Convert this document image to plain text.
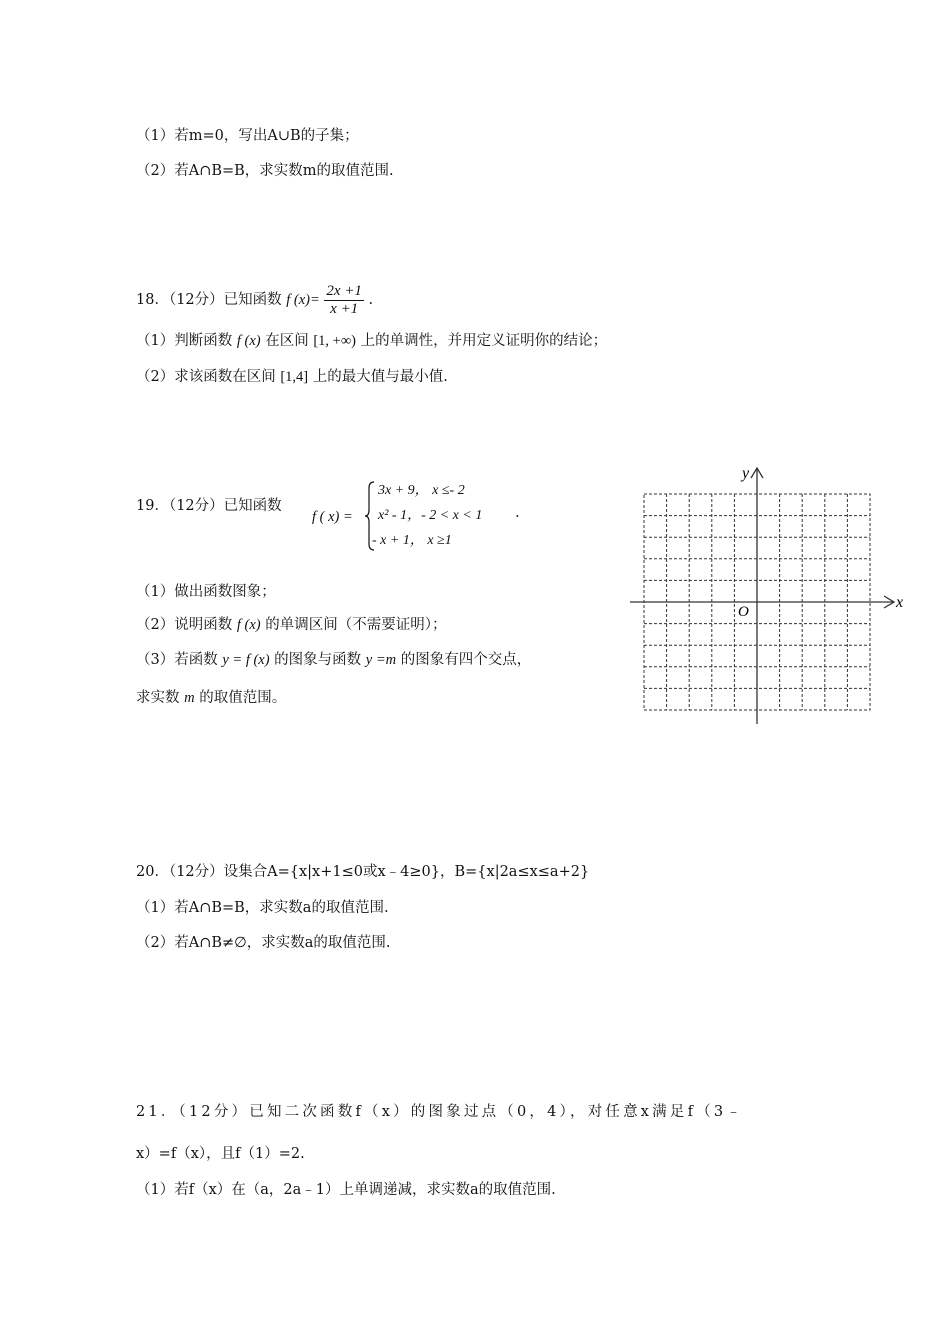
（1）若m=0，写出A∪B的子集；
（2）若A∩B=B，求实数m的取值范围.
18．（12分）已知函数 f $(x)= \frac{2x +1}{x +1}$ .
（1）判断函数 f (x) 在区间 [1, +∞) 上的单调性，并用定义证明你的结论；
（2）求该函数在区间 [1,4] 上的最大值与最小值.
19．（12分）已知函数
f ( x) =
3x + 9， x ≤- 2
x² - 1，- 2 < x < 1 .
- x + 1， x ≥1
（1）做出函数图象；
（2）说明函数 f (x) 的单调区间（不需要证明）；
（3）若函数 y = f (x) 的图象与函数 y =m 的图象有四个交点，
求实数 m 的取值范围。
x
y
O
20．（12分）设集合A={x|x+1≤0或x﹣4≥0}，B={x|2a≤x≤a+2}
（1）若A∩B=B，求实数a的取值范围.
（2）若A∩B≠∅，求实数a的取值范围.
21．（12分）已知二次函数f（x）的图象过点（0，4），对任意x满足f（3﹣
x）=f（x），且f（1）=2.
（1）若f（x）在（a，2a﹣1）上单调递减，求实数a的取值范围.
